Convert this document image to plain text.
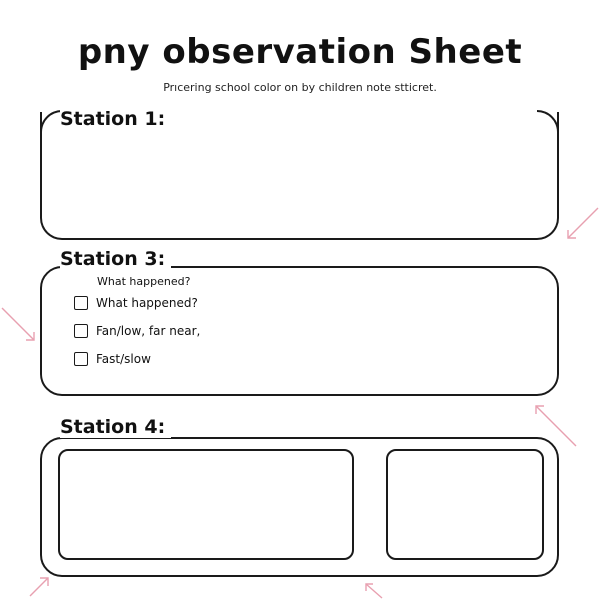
pny observation Sheet
Prıcering school color on by children note stticret.
Station 1:
Station 3:
What happened?
What happened?
Fan/low, far near,
Fast/slow
Station 4:
